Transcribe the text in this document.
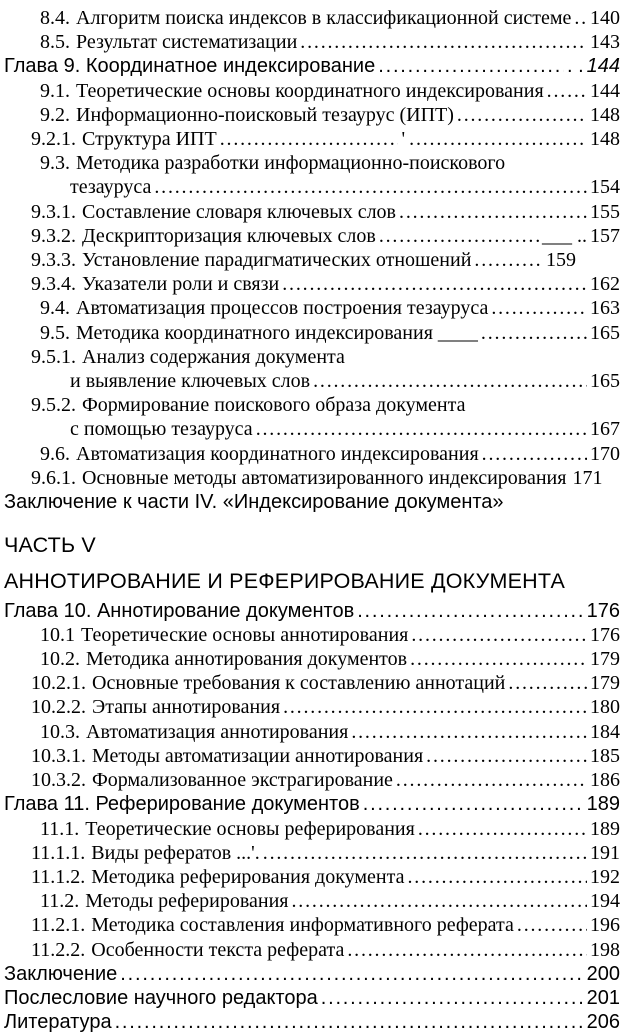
8.4. Алгоритм поиска индексов в классификационной системе ..... 140
8.5. Результат систематизации .....	143
Глава 9. Координатное индексирование .....	. . 144
9.1. Теоретические основы координатного индексирования ..... 144
9.2. Информационно-поисковый тезаурус (ИПТ) .....	148
9.2.1. Структура ИПТ .....	' .....	148
9.3. Методика разработки информационно-поискового
тезауруса .....	154
9.3.1. Составление словаря ключевых слов .....	155
9.3.2. Дескрипторизация ключевых слов .....	___ .. 157
9.3.3. Установление парадигматических отношений .....	159
9.3.4. Указатели роли и связи .....	162
9.4. Автоматизация процессов построения тезауруса .....	163
9.5. Методика координатного индексирования ____ .....	165
9.5.1. Анализ содержания документа
и выявление ключевых слов .....	165
9.5.2. Формирование поискового образа документа
с помощью тезауруса .....	167
9.6. Автоматизация координатного индексирования .....	170
9.6.1. Основные методы автоматизированного индексирования 171
Заключение к части IV. «Индексирование документа»
ЧАСТЬ V
АННОТИРОВАНИЕ И РЕФЕРИРОВАНИЕ ДОКУМЕНТА
Глава 10. Аннотирование документов .....	176
10.1 Теоретические основы аннотирования .....	176
10.2. Методика аннотирования документов .....	179
10.2.1. Основные требования к составлению аннотаций .....	179
10.2.2. Этапы аннотирования .....	180
10.3. Автоматизация аннотирования .....	184
10.3.1. Методы автоматизации аннотирования .....	185
10.3.2. Формализованное экстрагирование .....	186
Глава 11. Реферирование документов .....	189
11.1. Теоретические основы реферирования .....	189
11.1.1. Виды рефератов ...'. .....	191
11.1.2. Методика реферирования документа .....	192
11.2. Методы реферирования .....	194
11.2.1. Методика составления информативного реферата .....	196
11.2.2. Особенности текста реферата .....	198
Заключение .....	200
Послесловие научного редактора .....	201
Литература .....	206
